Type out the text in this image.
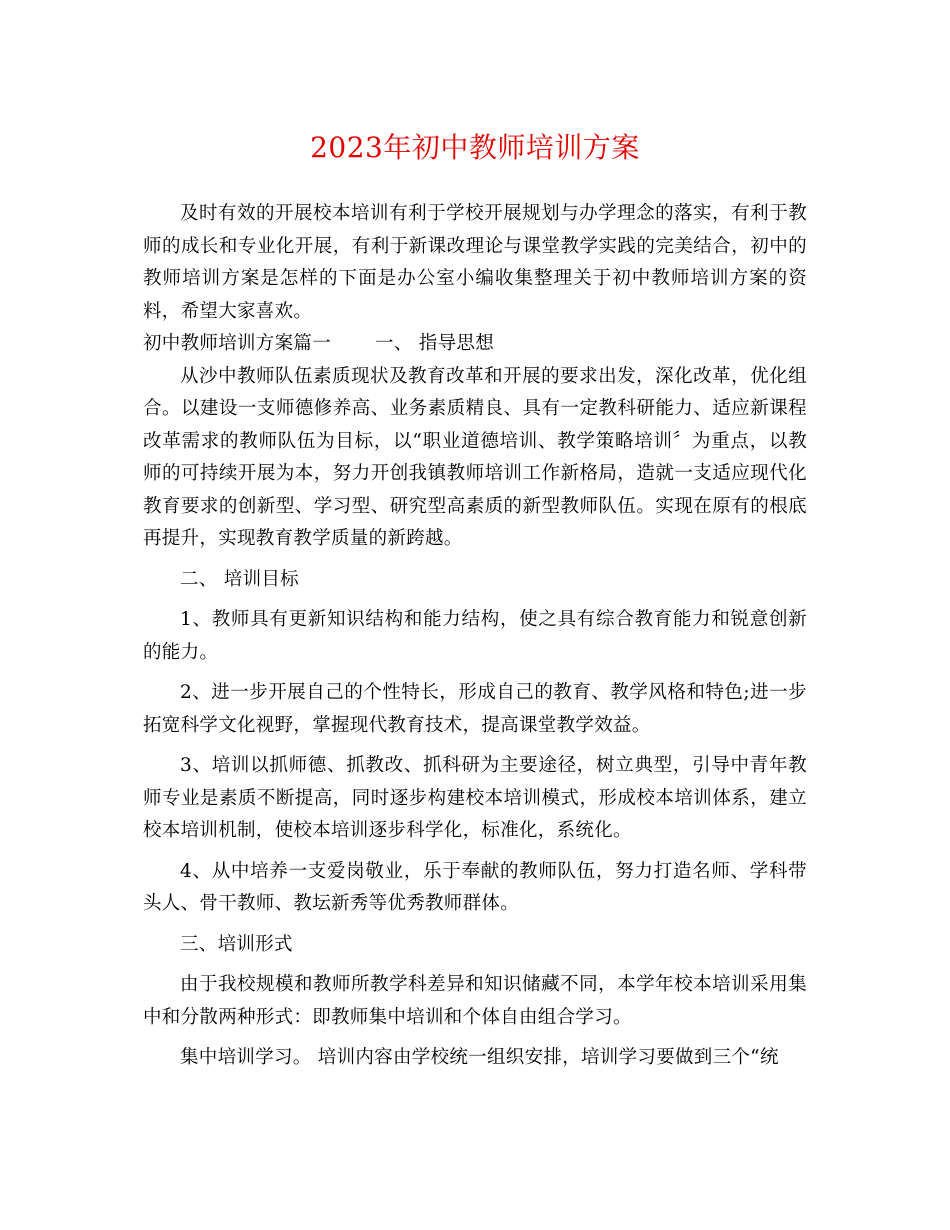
2023年初中教师培训方案

及时有效的开展校本培训有利于学校开展规划与办学理念的落实，有利于教师的成长和专业化开展，有利于新课改理论与课堂教学实践的完美结合，初中的教师培训方案是怎样的下面是办公室小编收集整理关于初中教师培训方案的资料，希望大家喜欢。

初中教师培训方案篇一 一、 指导思想

从沙中教师队伍素质现状及教育改革和开展的要求出发，深化改革，优化组合。以建设一支师德修养高、业务素质精良、具有一定教科研能力、适应新课程改革需求的教师队伍为目标，以“职业道德培训、教学策略培训〞为重点，以教师的可持续开展为本，努力开创我镇教师培训工作新格局，造就一支适应现代化教育要求的创新型、学习型、研究型高素质的新型教师队伍。实现在原有的根底再提升，实现教育教学质量的新跨越。

二、 培训目标

1、教师具有更新知识结构和能力结构，使之具有综合教育能力和锐意创新的能力。

2、进一步开展自己的个性特长，形成自己的教育、教学风格和特色;进一步拓宽科学文化视野，掌握现代教育技术，提高课堂教学效益。

3、培训以抓师德、抓教改、抓科研为主要途径，树立典型，引导中青年教师专业是素质不断提高，同时逐步构建校本培训模式，形成校本培训体系，建立校本培训机制，使校本培训逐步科学化，标准化，系统化。

4、从中培养一支爱岗敬业，乐于奉献的教师队伍，努力打造名师、学科带头人、骨干教师、教坛新秀等优秀教师群体。

三、培训形式

由于我校规模和教师所教学科差异和知识储藏不同，本学年校本培训采用集中和分散两种形式：即教师集中培训和个体自由组合学习。

集中培训学习。 培训内容由学校统一组织安排，培训学习要做到三个“统
